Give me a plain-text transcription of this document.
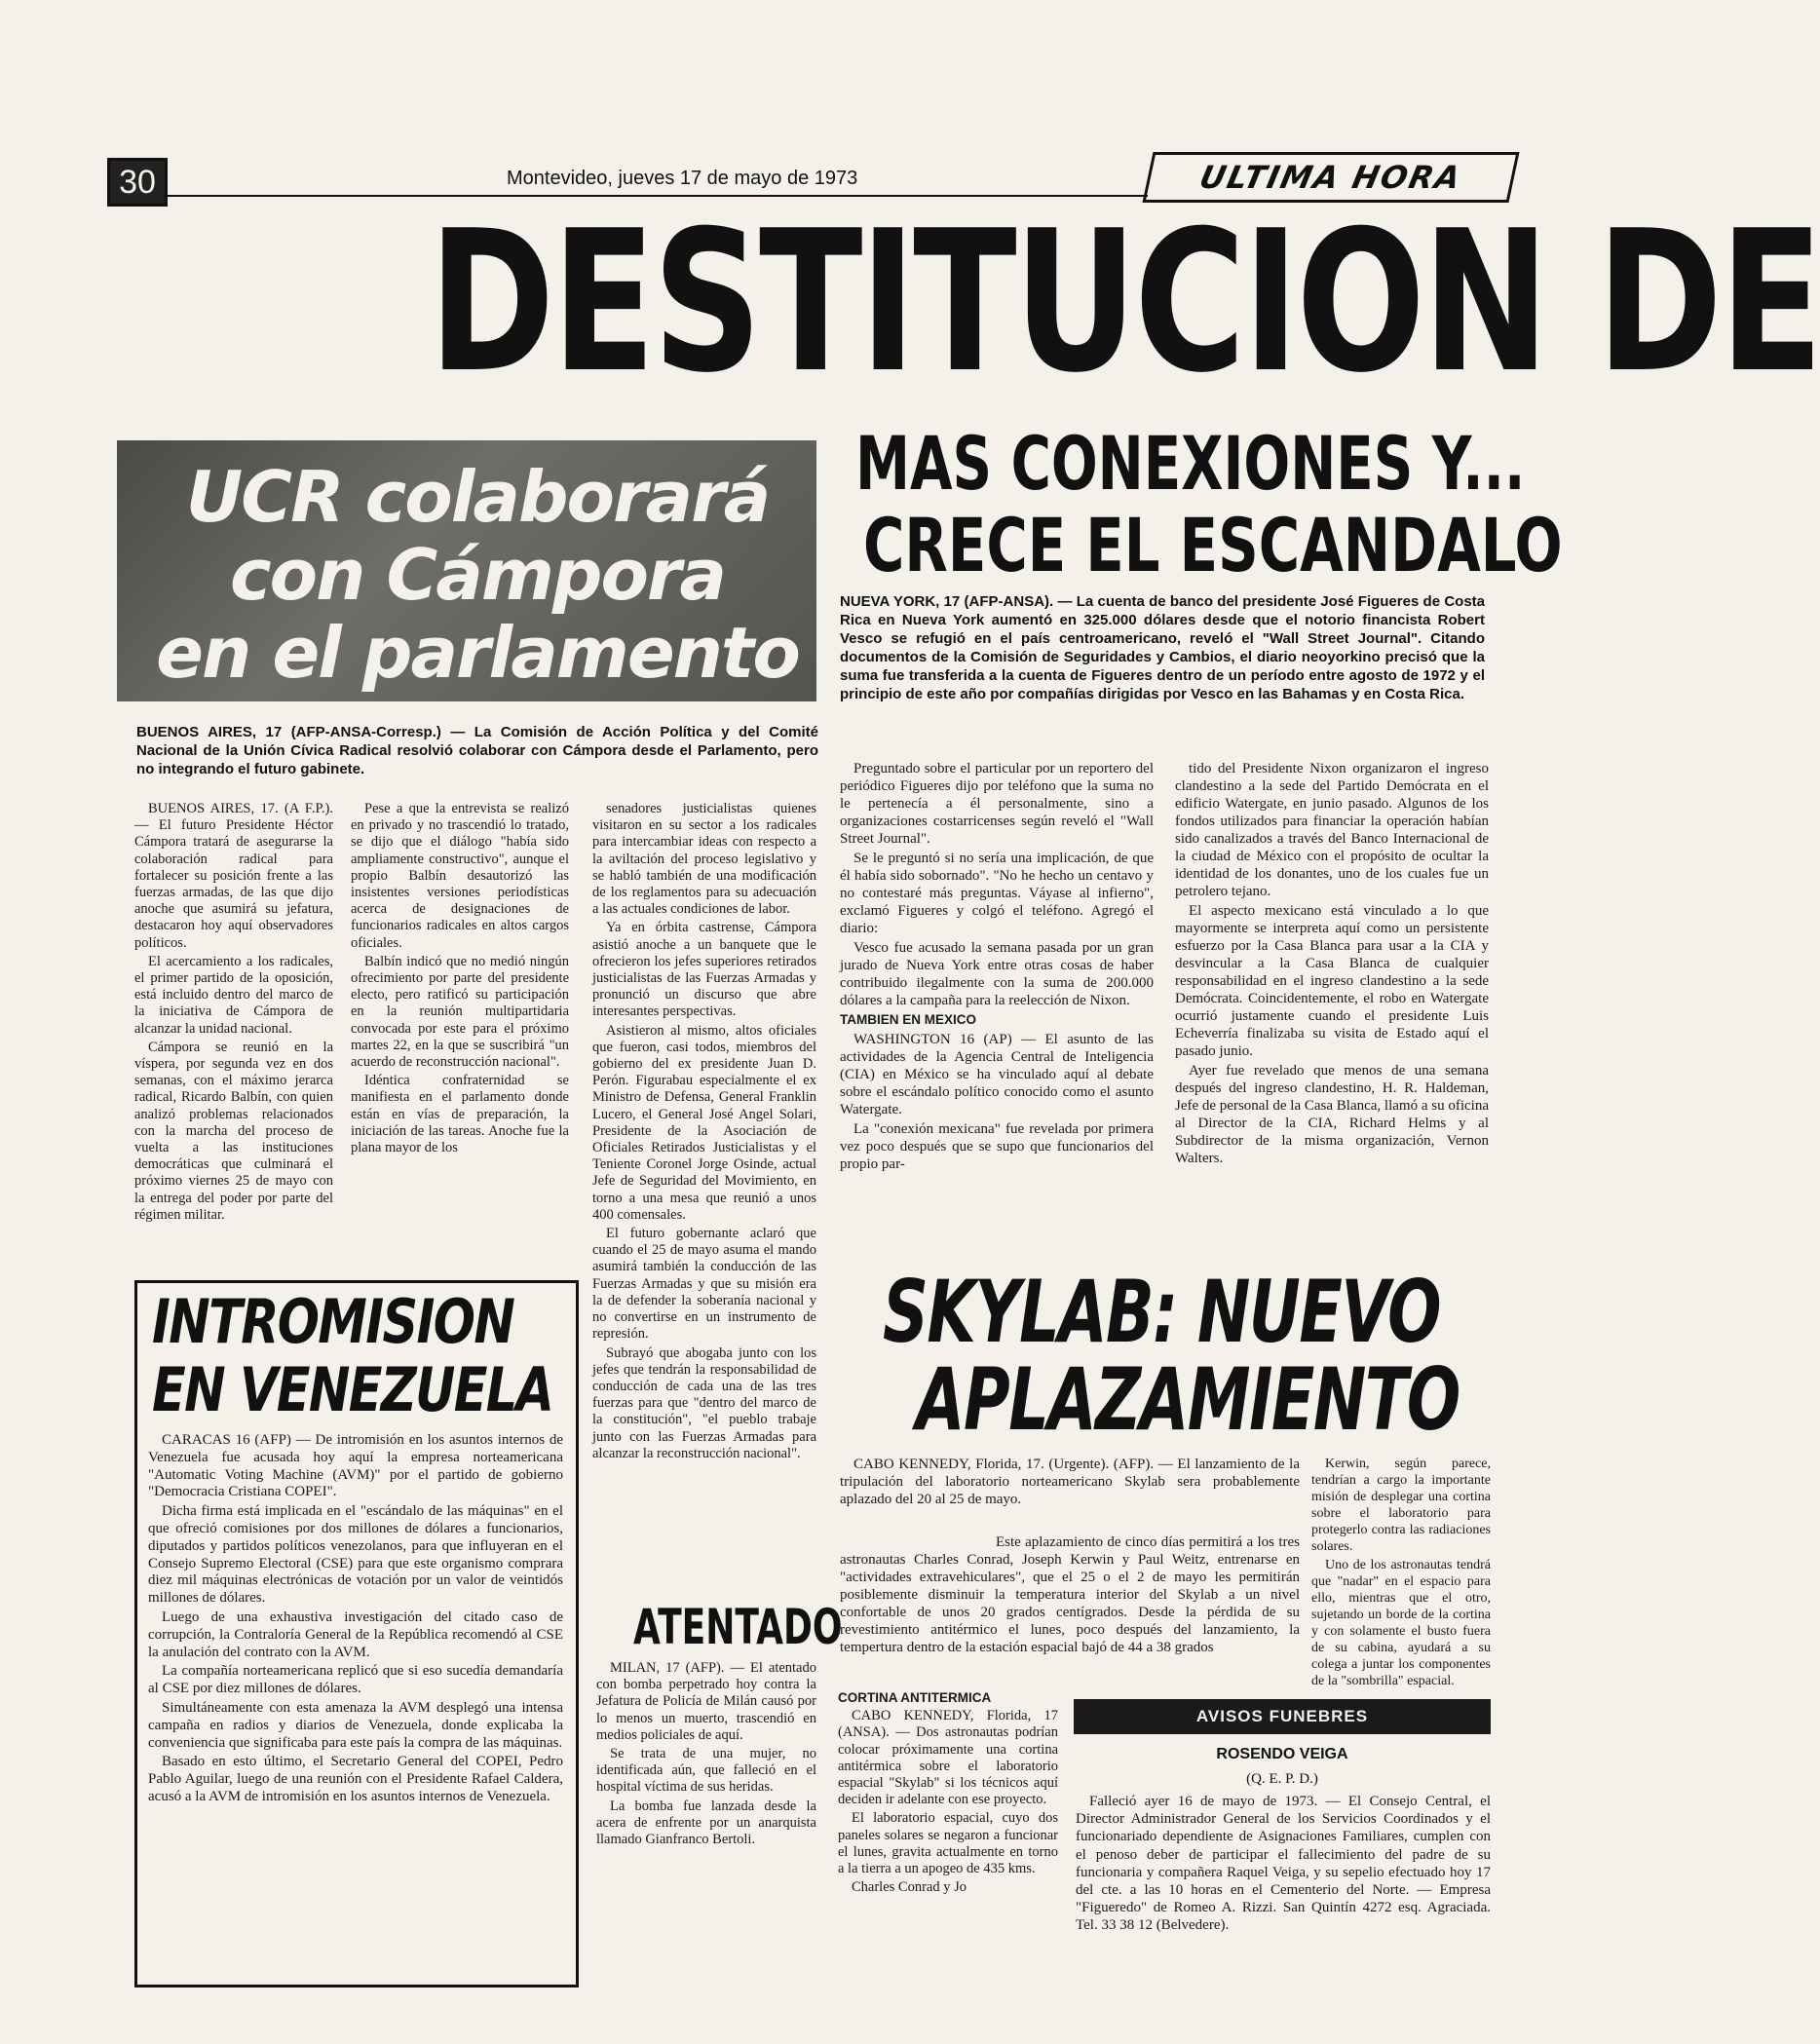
30	Montevideo, jueves 17 de mayo de 1973	ULTIMA HORA
DESTITUCION DE
UCR colaborará
con Cámpora
en el parlamento
BUENOS AIRES, 17 (AFP-ANSA-Corresp.) — La Comisión de Acción Política y del Comité Nacional de la Unión Cívica Radical resolvió colaborar con Cámpora desde el Parlamento, pero no integrando el futuro gabinete.

BUENOS AIRES, 17. (A F.P.). — El futuro Presidente Héctor Cámpora tratará de asegurarse la colaboración radical para fortalecer su posición frente a las fuerzas armadas, de las que dijo anoche que asumirá su jefatura, destacaron hoy aquí observadores políticos.

El acercamiento a los radicales, el primer partido de la oposición, está incluido dentro del marco de la iniciativa de Cámpora de alcanzar la unidad nacional.

Cámpora se reunió en la víspera, por segunda vez en dos semanas, con el máximo jerarca radical, Ricardo Balbín, con quien analizó problemas relacionados con la marcha del proceso de vuelta a las instituciones democráticas que culminará el próximo viernes 25 de mayo con la entrega del poder por parte del régimen militar.

Pese a que la entrevista se realizó en privado y no trascendió lo tratado, se dijo que el diálogo "había sido ampliamente constructivo", aunque el propio Balbín desautorizó las insistentes versiones periodísticas acerca de designaciones de funcionarios radicales en altos cargos oficiales.

Balbín indicó que no medió ningún ofrecimiento por parte del presidente electo, pero ratificó su participación en la reunión multipartidaria convocada por este para el próximo martes 22, en la que se suscribirá "un acuerdo de reconstrucción nacional".

Idéntica confraternidad se manifiesta en el parlamento donde están en vías de preparación, la iniciación de las tareas. Anoche fue la plana mayor de los

senadores justicialistas quienes visitaron en su sector a los radicales para intercambiar ideas con respecto a la aviltación del proceso legislativo y se habló también de una modificación de los reglamentos para su adecuación a las actuales condiciones de labor.

Ya en órbita castrense, Cámpora asistió anoche a un banquete que le ofrecieron los jefes superiores retirados justicialistas de las Fuerzas Armadas y pronunció un discurso que abre interesantes perspectivas.

Asistieron al mismo, altos oficiales que fueron, casi todos, miembros del gobierno del ex presidente Juan D. Perón. Figurabau especialmente el ex Ministro de Defensa, General Franklin Lucero, el General José Angel Solari, Presidente de la Asociación de Oficiales Retirados Justicialistas y el Teniente Coronel Jorge Osinde, actual Jefe de Seguridad del Movimiento, en torno a una mesa que reunió a unos 400 comensales.

El futuro gobernante aclaró que cuando el 25 de mayo asuma el mando asumirá también la conducción de las Fuerzas Armadas y que su misión era la de defender la soberanía nacional y no convertirse en un instrumento de represión.

Subrayó que abogaba junto con los jefes que tendrán la responsabilidad de conducción de cada una de las tres fuerzas para que "dentro del marco de la constitución", "el pueblo trabaje junto con las Fuerzas Armadas para alcanzar la reconstrucción nacional".

ATENTADO

MILAN, 17 (AFP). — El atentado con bomba perpetrado hoy contra la Jefatura de Policía de Milán causó por lo menos un muerto, trascendió en medios policiales de aquí.

Se trata de una mujer, no identificada aún, que falleció en el hospital víctima de sus heridas.

La bomba fue lanzada desde la acera de enfrente por un anarquista llamado Gianfranco Bertoli.

INTROMISION
EN VENEZUELA

CARACAS 16 (AFP) — De intromisión en los asuntos internos de Venezuela fue acusada hoy aquí la empresa norteamericana "Automatic Voting Machine (AVM)" por el partido de gobierno "Democracia Cristiana COPEI".

Dicha firma está implicada en el "escándalo de las máquinas" en el que ofreció comisiones por dos millones de dólares a funcionarios, diputados y partidos políticos venezolanos, para que influyeran en el Consejo Supremo Electoral (CSE) para que este organismo comprara diez mil máquinas electrónicas de votación por un valor de veintidós millones de dólares.

Luego de una exhaustiva investigación del citado caso de corrupción, la Contraloría General de la República recomendó al CSE la anulación del contrato con la AVM.

La compañía norteamericana replicó que si eso sucedía demandaría al CSE por diez millones de dólares.

Simultáneamente con esta amenaza la AVM desplegó una intensa campaña en radios y diarios de Venezuela, donde explicaba la conveniencia que significaba para este país la compra de las máquinas.

Basado en esto último, el Secretario General del COPEI, Pedro Pablo Aguilar, luego de una reunión con el Presidente Rafael Caldera, acusó a la AVM de intromisión en los asuntos internos de Venezuela.

MAS CONEXIONES Y...
CRECE EL ESCANDALO
NUEVA YORK, 17 (AFP-ANSA). — La cuenta de banco del presidente José Figueres de Costa Rica en Nueva York aumentó en 325.000 dólares desde que el notorio financista Robert Vesco se refugió en el país centroamericano, reveló el "Wall Street Journal". Citando documentos de la Comisión de Seguridades y Cambios, el diario neoyorkino precisó que la suma fue transferida a la cuenta de Figueres dentro de un período entre agosto de 1972 y el principio de este año por compañías dirigidas por Vesco en las Bahamas y en Costa Rica.

Preguntado sobre el particular por un reportero del periódico Figueres dijo por teléfono que la suma no le pertenecía a él personalmente, sino a organizaciones costarricenses según reveló el "Wall Street Journal".

Se le preguntó si no sería una implicación, de que él había sido sobornado". "No he hecho un centavo y no contestaré más preguntas. Váyase al infierno", exclamó Figueres y colgó el teléfono. Agregó el diario:

Vesco fue acusado la semana pasada por un gran jurado de Nueva York entre otras cosas de haber contribuido ilegalmente con la suma de 200.000 dólares a la campaña para la reelección de Nixon.

TAMBIEN EN MEXICO

WASHINGTON 16 (AP) — El asunto de las actividades de la Agencia Central de Inteligencia (CIA) en México se ha vinculado aquí al debate sobre el escándalo político conocido como el asunto Watergate.

La "conexión mexicana" fue revelada por primera vez poco después que se supo que funcionarios del propio par-

tido del Presidente Nixon organizaron el ingreso clandestino a la sede del Partido Demócrata en el edificio Watergate, en junio pasado. Algunos de los fondos utilizados para financiar la operación habían sido canalizados a través del Banco Internacional de la ciudad de México con el propósito de ocultar la identidad de los donantes, uno de los cuales fue un petrolero tejano.

El aspecto mexicano está vinculado a lo que mayormente se interpreta aquí como un persistente esfuerzo por la Casa Blanca para usar a la CIA y desvincular a la Casa Blanca de cualquier responsabilidad en el ingreso clandestino a la sede Demócrata. Coincidentemente, el robo en Watergate ocurrió justamente cuando el presidente Luis Echeverría finalizaba su visita de Estado aquí el pasado junio.

Ayer fue revelado que menos de una semana después del ingreso clandestino, H. R. Haldeman, Jefe de personal de la Casa Blanca, llamó a su oficina al Director de la CIA, Richard Helms y al Subdirector de la misma organización, Vernon Walters.

SKYLAB: NUEVO
APLAZAMIENTO

CABO KENNEDY, Florida, 17. (Urgente). (AFP). — El lanzamiento de la tripulación del laboratorio norteamericano Skylab sera probablemente aplazado del 20 al 25 de mayo.

Este aplazamiento de cinco días permitirá a los tres astronautas Charles Conrad, Joseph Kerwin y Paul Weitz, entrenarse en "actividades extravehiculares", que el 25 o el 2 de mayo les permitirán posiblemente disminuir la temperatura interior del Skylab a un nivel confortable de unos 20 grados centígrados. Desde la pérdida de su revestimiento antitérmico el lunes, poco después del lanzamiento, la tempertura dentro de la estación espacial bajó de 44 a 38 grados

Kerwin, según parece, tendrían a cargo la importante misión de desplegar una cortina sobre el laboratorio para protegerlo contra las radiaciones solares.

Uno de los astronautas tendrá que "nadar" en el espacio para ello, mientras que el otro, sujetando un borde de la cortina y con solamente el busto fuera de su cabina, ayudará a su colega a juntar los componentes de la "sombrilla" espacial.

CORTINA ANTITERMICA

CABO KENNEDY, Florida, 17 (ANSA). — Dos astronautas podrían colocar próximamente una cortina antitérmica sobre el laboratorio espacial "Skylab" si los técnicos aquí deciden ir adelante con ese proyecto.

El laboratorio espacial, cuyo dos paneles solares se negaron a funcionar el lunes, gravita actualmente en torno a la tierra a un apogeo de 435 kms.

Charles Conrad y Jo

AVISOS FUNEBRES
ROSENDO VEIGA
(Q. E. P. D.)

Falleció ayer 16 de mayo de 1973. — El Consejo Central, el Director Administrador General de los Servicios Coordinados y el funcionariado dependiente de Asignaciones Familiares, cumplen con el penoso deber de participar el fallecimiento del padre de su funcionaria y compañera Raquel Veiga, y su sepelio efectuado hoy 17 del cte. a las 10 horas en el Cementerio del Norte. — Empresa "Figueredo" de Romeo A. Rizzi. San Quintín 4272 esq. Agraciada. Tel. 33 38 12 (Belvedere).
